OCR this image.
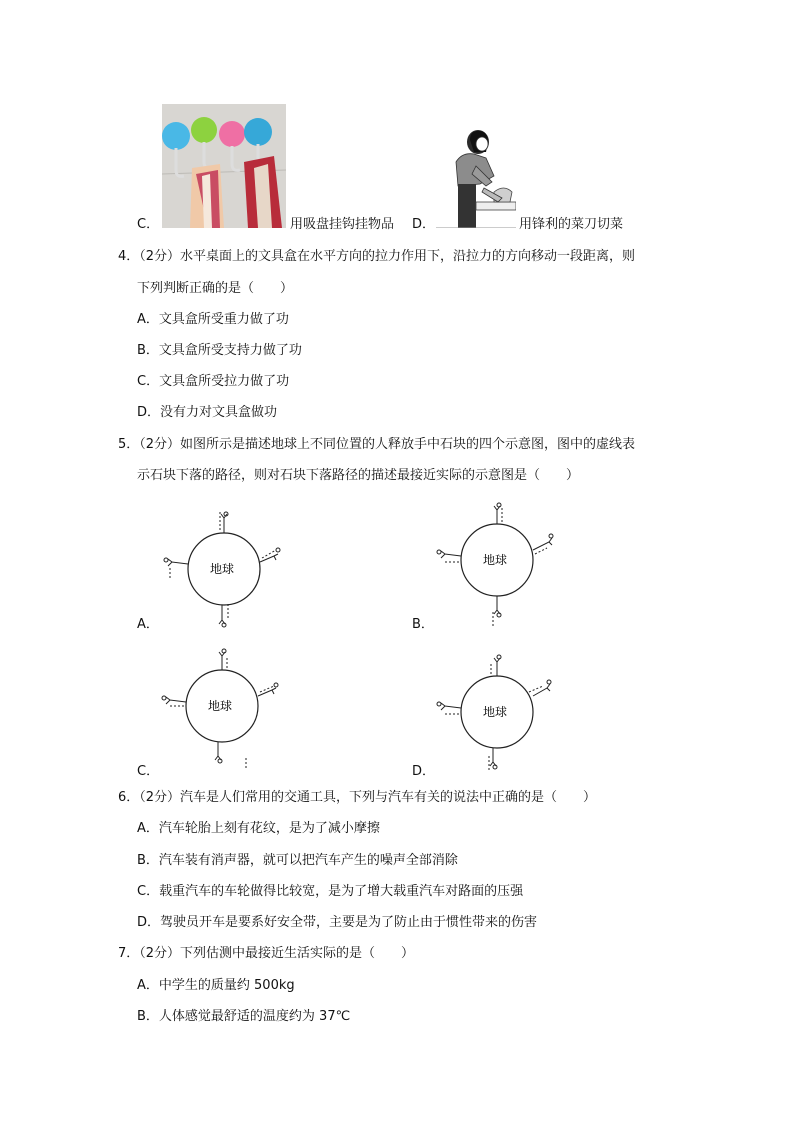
C．	用吸盘挂钩挂物品 D．	用锋利的菜刀切菜
4．（2分）水平桌面上的文具盒在水平方向的拉力作用下，沿拉力的方向移动一段距离，则
下列判断正确的是（　　）
A．文具盒所受重力做了功
B．文具盒所受支持力做了功
C．文具盒所受拉力做了功
D．没有力对文具盒做功
5．（2分）如图所示是描述地球上不同位置的人释放手中石块的四个示意图，图中的虚线表
示石块下落的路径，则对石块下落路径的描述最接近实际的示意图是（　　）
地球
A．
地球
B．
地球
C．
地球
D．
6．（2分）汽车是人们常用的交通工具，下列与汽车有关的说法中正确的是（　　）
A．汽车轮胎上刻有花纹，是为了减小摩擦
B．汽车装有消声器，就可以把汽车产生的噪声全部消除
C．载重汽车的车轮做得比较宽，是为了增大载重汽车对路面的压强
D．驾驶员开车是要系好安全带，主要是为了防止由于惯性带来的伤害
7．（2分）下列估测中最接近生活实际的是（　　）
A．中学生的质量约 500kg
B．人体感觉最舒适的温度约为 37℃
